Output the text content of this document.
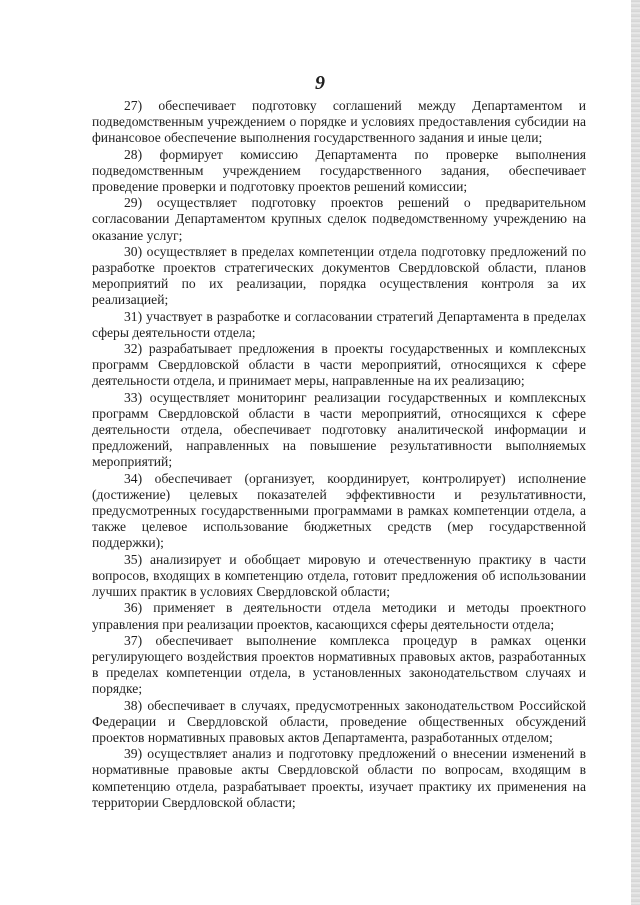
9

27) обеспечивает подготовку соглашений между Департаментом и подведомственным учреждением о порядке и условиях предоставления субсидии на финансовое обеспечение выполнения государственного задания и иные цели;

28) формирует комиссию Департамента по проверке выполнения подведомственным учреждением государственного задания, обеспечивает проведение проверки и подготовку проектов решений комиссии;

29) осуществляет подготовку проектов решений о предварительном согласовании Департаментом крупных сделок подведомственному учреждению на оказание услуг;

30) осуществляет в пределах компетенции отдела подготовку предложений по разработке проектов стратегических документов Свердловской области, планов мероприятий по их реализации, порядка осуществления контроля за их реализацией;

31) участвует в разработке и согласовании стратегий Департамента в пределах сферы деятельности отдела;

32) разрабатывает предложения в проекты государственных и комплексных программ Свердловской области в части мероприятий, относящихся к сфере деятельности отдела, и принимает меры, направленные на их реализацию;

33) осуществляет мониторинг реализации государственных и комплексных программ Свердловской области в части мероприятий, относящихся к сфере деятельности отдела, обеспечивает подготовку аналитической информации и предложений, направленных на повышение результативности выполняемых мероприятий;

34) обеспечивает (организует, координирует, контролирует) исполнение (достижение) целевых показателей эффективности и результативности, предусмотренных государственными программами в рамках компетенции отдела, а также целевое использование бюджетных средств (мер государственной поддержки);

35) анализирует и обобщает мировую и отечественную практику в части вопросов, входящих в компетенцию отдела, готовит предложения об использовании лучших практик в условиях Свердловской области;

36) применяет в деятельности отдела методики и методы проектного управления при реализации проектов, касающихся сферы деятельности отдела;

37) обеспечивает выполнение комплекса процедур в рамках оценки регулирующего воздействия проектов нормативных правовых актов, разработанных в пределах компетенции отдела, в установленных законодательством случаях и порядке;

38) обеспечивает в случаях, предусмотренных законодательством Российской Федерации и Свердловской области, проведение общественных обсуждений проектов нормативных правовых актов Департамента, разработанных отделом;

39) осуществляет анализ и подготовку предложений о внесении изменений в нормативные правовые акты Свердловской области по вопросам, входящим в компетенцию отдела, разрабатывает проекты, изучает практику их применения на территории Свердловской области;
